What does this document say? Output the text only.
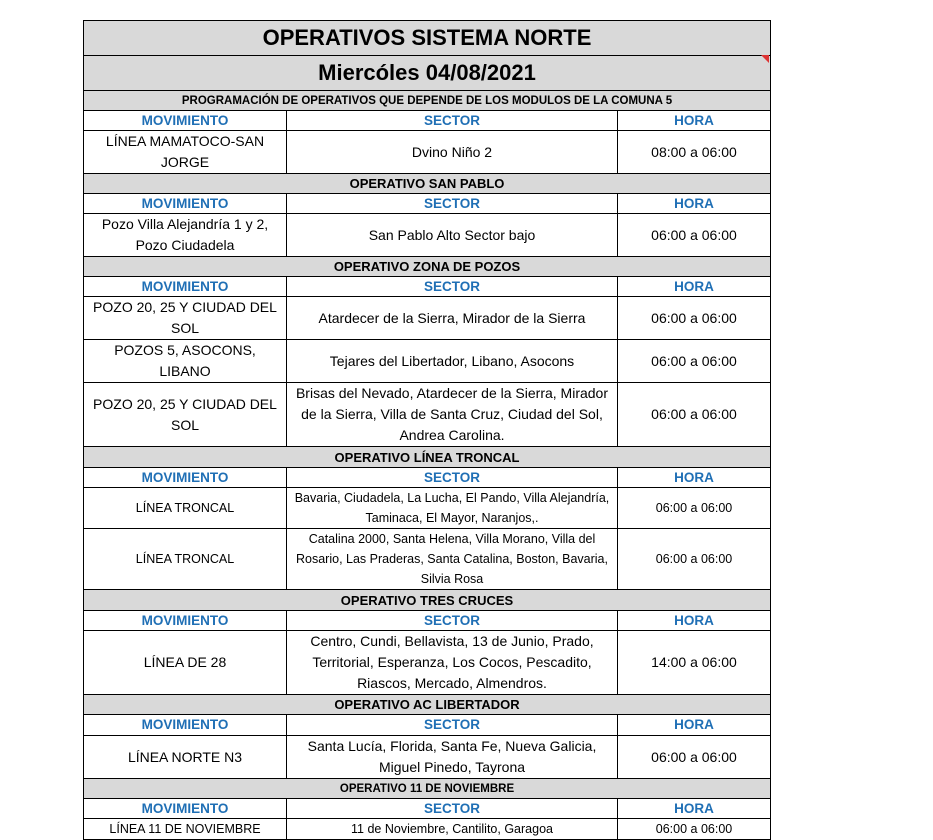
OPERATIVOS SISTEMA NORTE		
Miercóles 04/08/2021		
PROGRAMACIÓN DE OPERATIVOS QUE DEPENDE DE LOS MODULOS DE LA COMUNA 5		
MOVIMIENTO	SECTOR	HORA
LÍNEA MAMATOCO-SAN JORGE	Dvino Niño 2	08:00 a 06:00
OPERATIVO SAN PABLO		
MOVIMIENTO	SECTOR	HORA
Pozo Villa Alejandría 1 y 2, Pozo Ciudadela	San Pablo Alto Sector bajo	06:00 a 06:00
OPERATIVO ZONA DE POZOS		
MOVIMIENTO	SECTOR	HORA
POZO 20, 25 Y CIUDAD DEL SOL	Atardecer de la Sierra, Mirador de la Sierra	06:00 a 06:00
POZOS 5, ASOCONS, LIBANO	Tejares del Libertador, Libano, Asocons	06:00 a 06:00
POZO 20, 25 Y CIUDAD DEL SOL	Brisas del Nevado, Atardecer de la Sierra, Mirador de la Sierra, Villa de Santa Cruz, Ciudad del Sol, Andrea Carolina.	06:00 a 06:00
OPERATIVO LÍNEA TRONCAL		
MOVIMIENTO	SECTOR	HORA
LÍNEA TRONCAL	Bavaria, Ciudadela, La Lucha, El Pando, Villa Alejandría, Taminaca, El Mayor, Naranjos,.	06:00 a 06:00
LÍNEA TRONCAL	Catalina 2000, Santa Helena, Villa Morano, Villa del Rosario, Las Praderas, Santa Catalina, Boston, Bavaria, Silvia Rosa	06:00 a 06:00
OPERATIVO TRES CRUCES		
MOVIMIENTO	SECTOR	HORA
LÍNEA DE 28	Centro, Cundi, Bellavista, 13 de Junio, Prado, Territorial, Esperanza, Los Cocos, Pescadito, Riascos, Mercado, Almendros.	14:00 a 06:00
OPERATIVO AC LIBERTADOR		
MOVIMIENTO	SECTOR	HORA
LÍNEA NORTE N3	Santa Lucía, Florida, Santa Fe, Nueva Galicia, Miguel Pinedo, Tayrona	06:00 a 06:00
OPERATIVO 11 DE NOVIEMBRE		
MOVIMIENTO	SECTOR	HORA
LÍNEA 11 DE NOVIEMBRE	11 de Noviembre, Cantilito, Garagoa	06:00 a 06:00
